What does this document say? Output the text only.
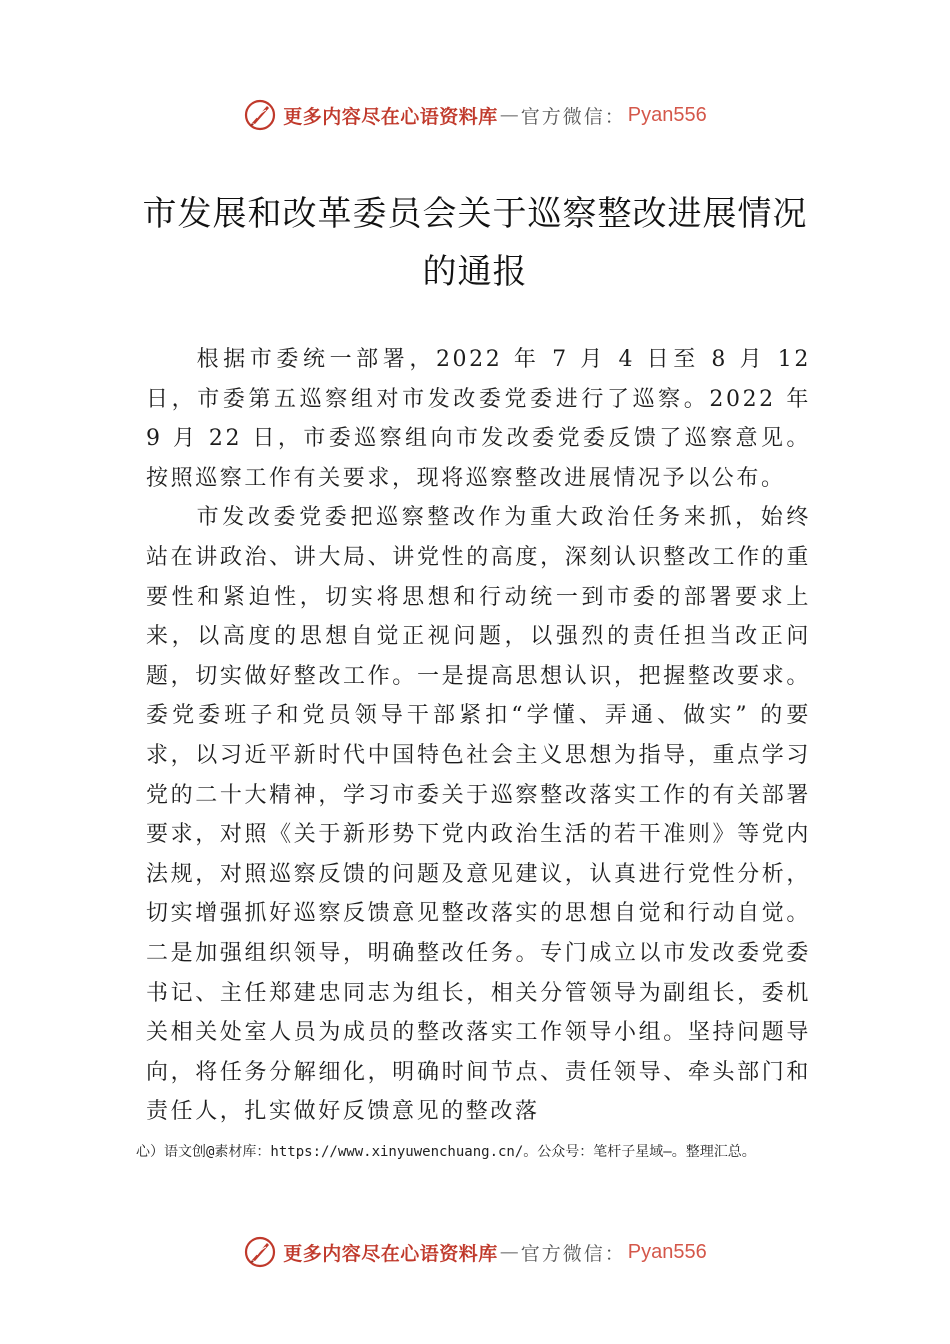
更多内容尽在心语资料库 — 官方微信： Pyan556
市发展和改革委员会关于巡察整改进展情况的通报

根据市委统一部署，2022 年 7 月 4 日至 8 月 12 日，市委第五巡察组对市发改委党委进行了巡察。2022 年 9 月 22 日，市委巡察组向市发改委党委反馈了巡察意见。按照巡察工作有关要求，现将巡察整改进展情况予以公布。

市发改委党委把巡察整改作为重大政治任务来抓，始终站在讲政治、讲大局、讲党性的高度，深刻认识整改工作的重要性和紧迫性，切实将思想和行动统一到市委的部署要求上来，以高度的思想自觉正视问题，以强烈的责任担当改正问题，切实做好整改工作。一是提高思想认识，把握整改要求。委党委班子和党员领导干部紧扣“学懂、弄通、做实” 的要求，以习近平新时代中国特色社会主义思想为指导，重点学习党的二十大精神，学习市委关于巡察整改落实工作的有关部署要求，对照《关于新形势下党内政治生活的若干准则》等党内法规，对照巡察反馈的问题及意见建议，认真进行党性分析，切实增强抓好巡察反馈意见整改落实的思想自觉和行动自觉。二是加强组织领导，明确整改任务。专门成立以市发改委党委书记、主任郑建忠同志为组长，相关分管领导为副组长，委机关相关处室人员为成员的整改落实工作领导小组。坚持问题导向，将任务分解细化，明确时间节点、责任领导、牵头部门和责任人，扎实做好反馈意见的整改落

心）语文创@素材库：https://www.xinyuwenchuang.cn/。公众号：笔杆子星域—。整理汇总。
更多内容尽在心语资料库 — 官方微信： Pyan556
